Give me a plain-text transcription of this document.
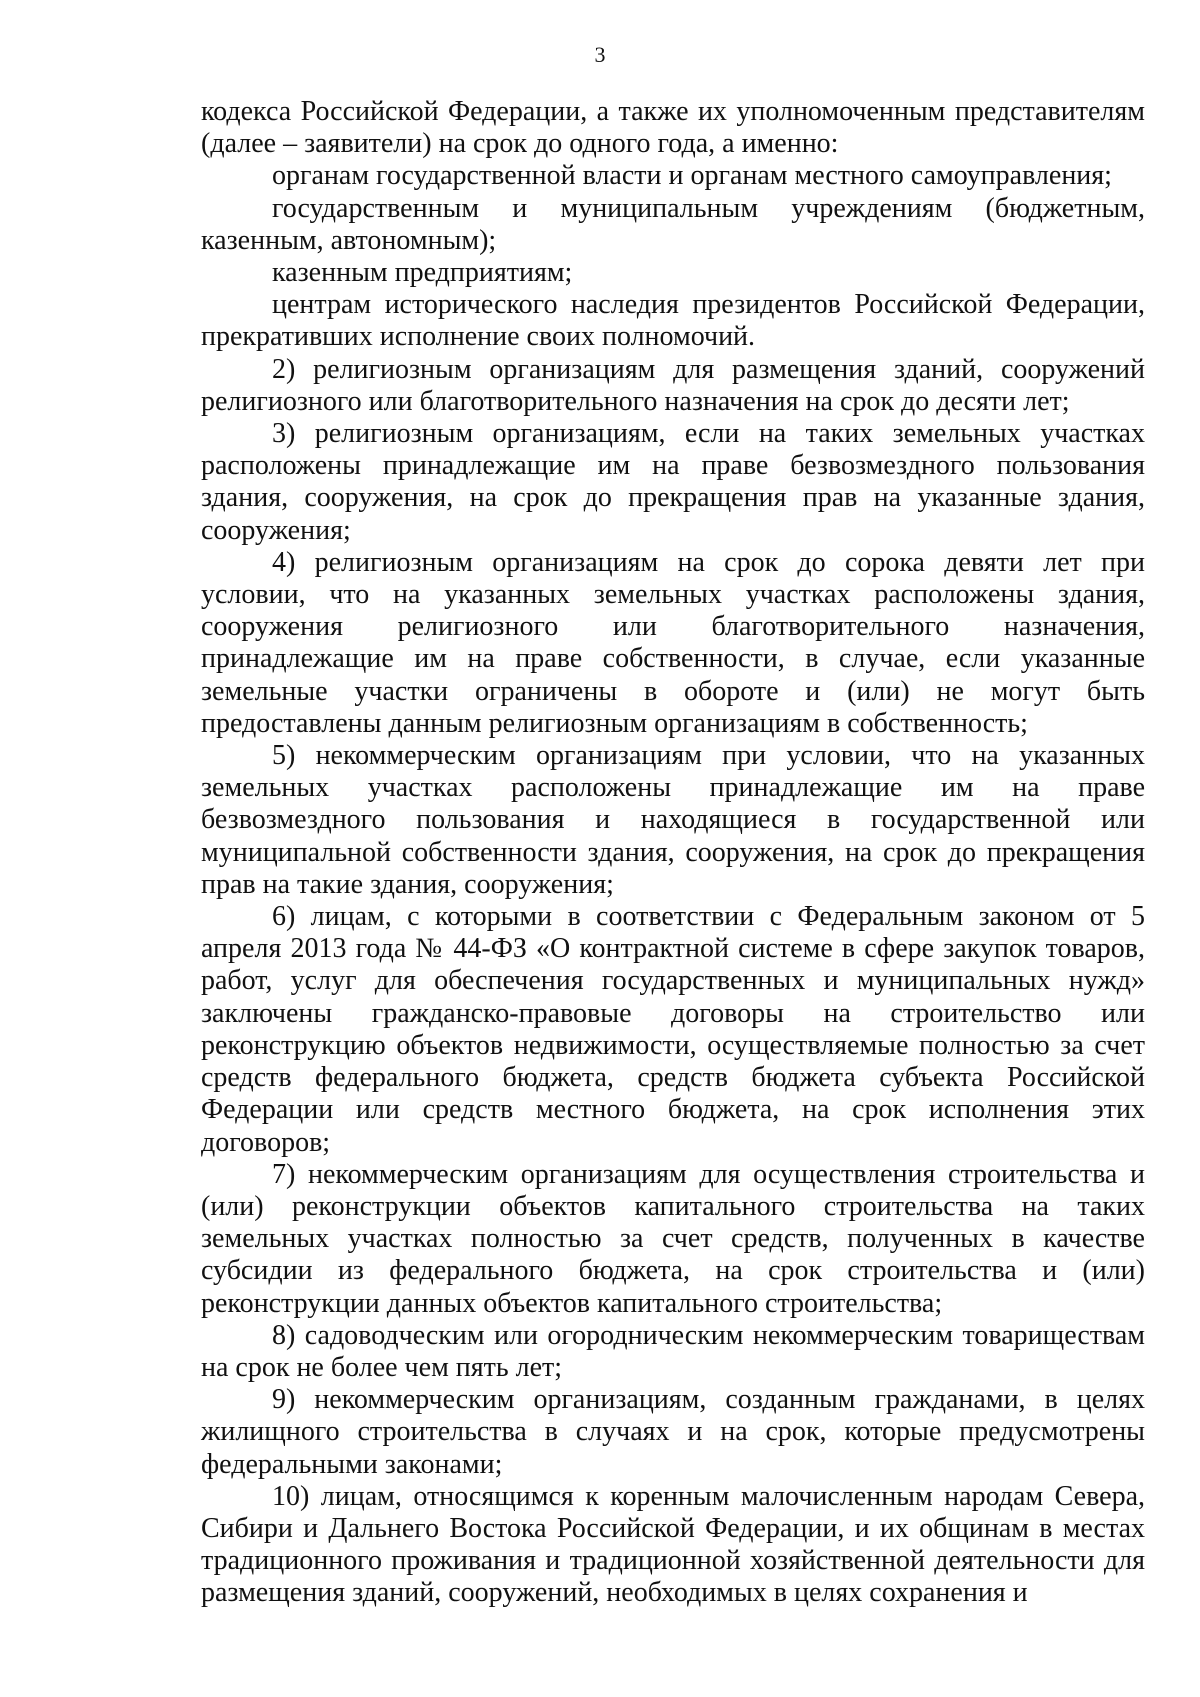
3

кодекса Российской Федерации, а также их уполномоченным представителям (далее – заявители) на срок до одного года, а именно:

органам государственной власти и органам местного самоуправления;

государственным и муниципальным учреждениям (бюджетным, казенным, автономным);

казенным предприятиям;

центрам исторического наследия президентов Российской Федерации, прекративших исполнение своих полномочий.

2) религиозным организациям для размещения зданий, сооружений религиозного или благотворительного назначения на срок до десяти лет;

3) религиозным организациям, если на таких земельных участках расположены принадлежащие им на праве безвозмездного пользования здания, сооружения, на срок до прекращения прав на указанные здания, сооружения;

4) религиозным организациям на срок до сорока девяти лет при условии, что на указанных земельных участках расположены здания, сооружения религиозного или благотворительного назначения, принадлежащие им на праве собственности, в случае, если указанные земельные участки ограничены в обороте и (или) не могут быть предоставлены данным религиозным организациям в собственность;

5) некоммерческим организациям при условии, что на указанных земельных участках расположены принадлежащие им на праве безвозмездного пользования и находящиеся в государственной или муниципальной собственности здания, сооружения, на срок до прекращения прав на такие здания, сооружения;

6) лицам, с которыми в соответствии с Федеральным законом от 5 апреля 2013 года № 44-ФЗ «О контрактной системе в сфере закупок товаров, работ, услуг для обеспечения государственных и муниципальных нужд» заключены гражданско-правовые договоры на строительство или реконструкцию объектов недвижимости, осуществляемые полностью за счет средств федерального бюджета, средств бюджета субъекта Российской Федерации или средств местного бюджета, на срок исполнения этих договоров;

7) некоммерческим организациям для осуществления строительства и (или) реконструкции объектов капитального строительства на таких земельных участках полностью за счет средств, полученных в качестве субсидии из федерального бюджета, на срок строительства и (или) реконструкции данных объектов капитального строительства;

8) садоводческим или огородническим некоммерческим товариществам на срок не более чем пять лет;

9) некоммерческим организациям, созданным гражданами, в целях жилищного строительства в случаях и на срок, которые предусмотрены федеральными законами;

10) лицам, относящимся к коренным малочисленным народам Севера, Сибири и Дальнего Востока Российской Федерации, и их общинам в местах традиционного проживания и традиционной хозяйственной деятельности для размещения зданий, сооружений, необходимых в целях сохранения и
